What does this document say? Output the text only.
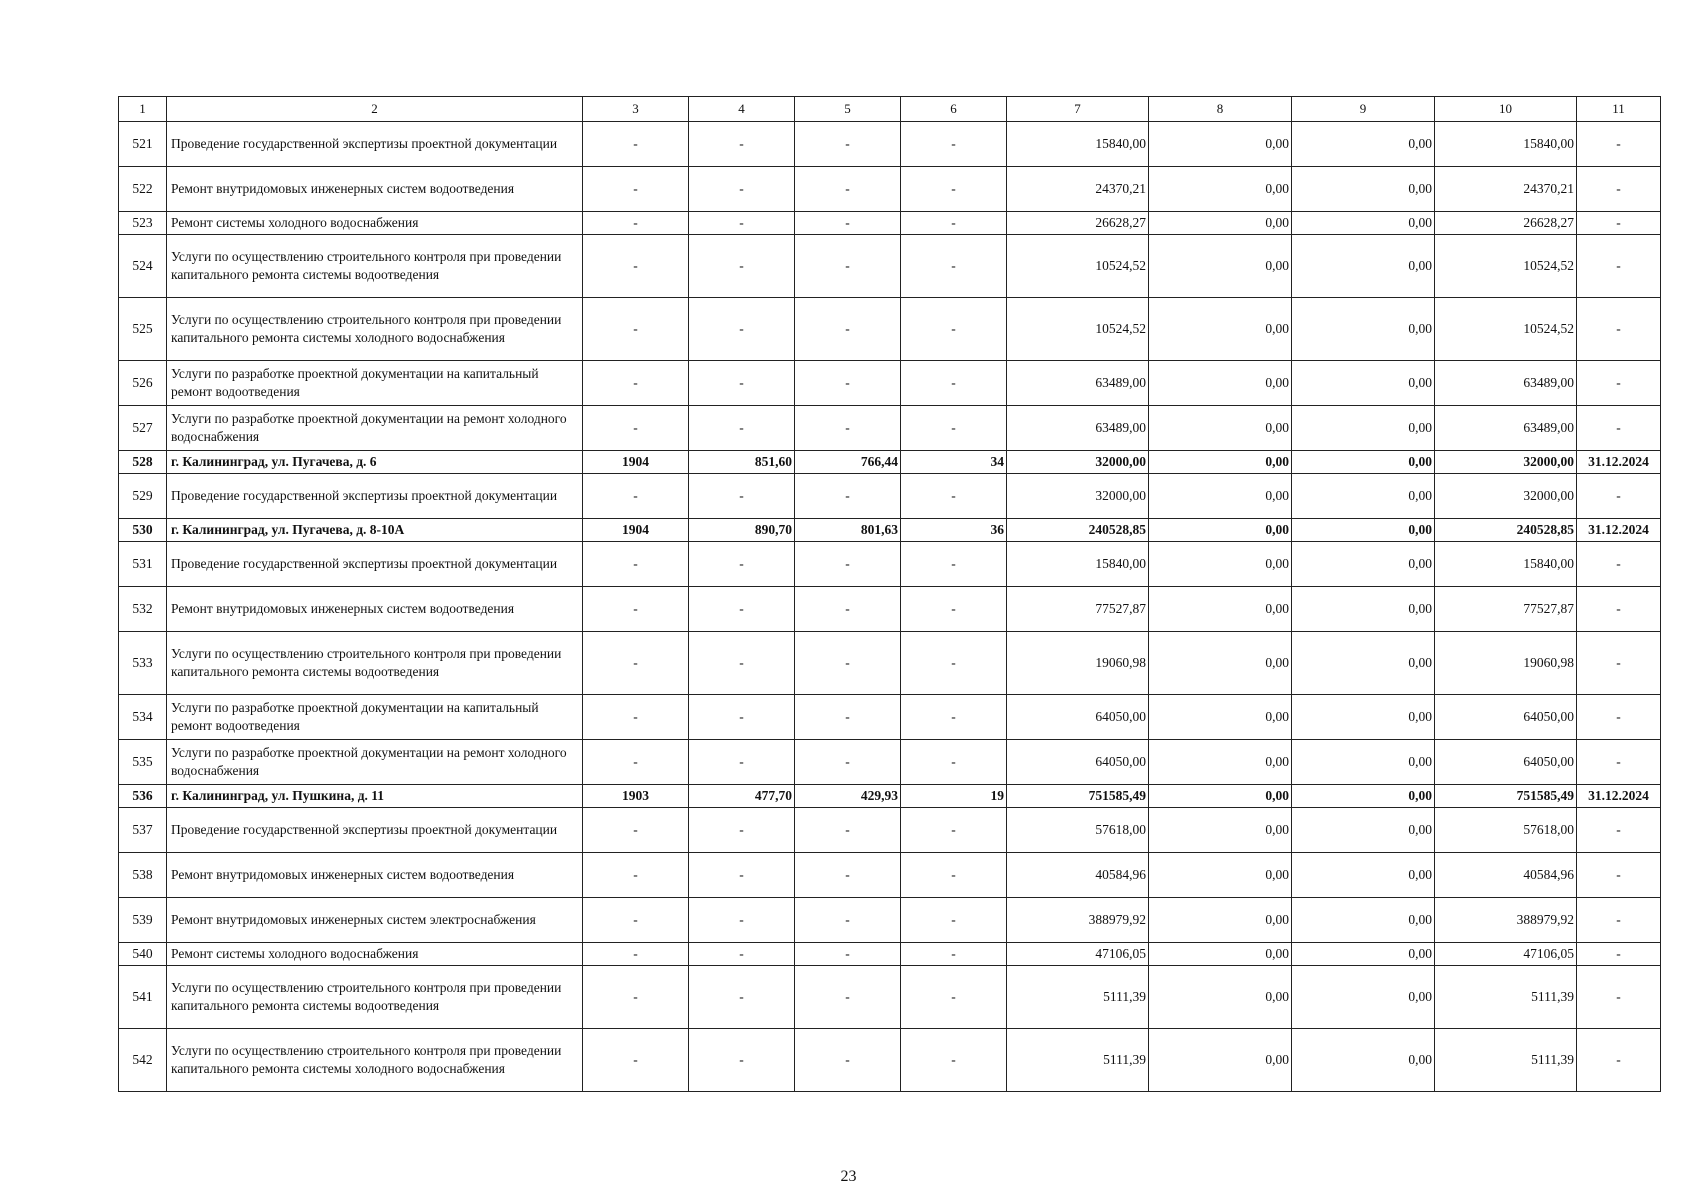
1	2	3	4	5	6	7	8	9	10	11
521	Проведение государственной экспертизы проектной документации	-	-	-	-	15840,00	0,00	0,00	15840,00	-
522	Ремонт внутридомовых инженерных систем водоотведения	-	-	-	-	24370,21	0,00	0,00	24370,21	-
523	Ремонт системы холодного водоснабжения	-	-	-	-	26628,27	0,00	0,00	26628,27	-
524	Услуги по осуществлению строительного контроля при проведении капитального ремонта системы водоотведения	-	-	-	-	10524,52	0,00	0,00	10524,52	-
525	Услуги по осуществлению строительного контроля при проведении капитального ремонта системы холодного водоснабжения	-	-	-	-	10524,52	0,00	0,00	10524,52	-
526	Услуги по разработке проектной документации на капитальный ремонт водоотведения	-	-	-	-	63489,00	0,00	0,00	63489,00	-
527	Услуги по разработке проектной документации на ремонт холодного водоснабжения	-	-	-	-	63489,00	0,00	0,00	63489,00	-
528	г. Калининград, ул. Пугачева, д. 6	1904	851,60	766,44	34	32000,00	0,00	0,00	32000,00	31.12.2024
529	Проведение государственной экспертизы проектной документации	-	-	-	-	32000,00	0,00	0,00	32000,00	-
530	г. Калининград, ул. Пугачева, д. 8-10А	1904	890,70	801,63	36	240528,85	0,00	0,00	240528,85	31.12.2024
531	Проведение государственной экспертизы проектной документации	-	-	-	-	15840,00	0,00	0,00	15840,00	-
532	Ремонт внутридомовых инженерных систем водоотведения	-	-	-	-	77527,87	0,00	0,00	77527,87	-
533	Услуги по осуществлению строительного контроля при проведении капитального ремонта системы водоотведения	-	-	-	-	19060,98	0,00	0,00	19060,98	-
534	Услуги по разработке проектной документации на капитальный ремонт водоотведения	-	-	-	-	64050,00	0,00	0,00	64050,00	-
535	Услуги по разработке проектной документации на ремонт холодного водоснабжения	-	-	-	-	64050,00	0,00	0,00	64050,00	-
536	г. Калининград, ул. Пушкина, д. 11	1903	477,70	429,93	19	751585,49	0,00	0,00	751585,49	31.12.2024
537	Проведение государственной экспертизы проектной документации	-	-	-	-	57618,00	0,00	0,00	57618,00	-
538	Ремонт внутридомовых инженерных систем водоотведения	-	-	-	-	40584,96	0,00	0,00	40584,96	-
539	Ремонт внутридомовых инженерных систем электроснабжения	-	-	-	-	388979,92	0,00	0,00	388979,92	-
540	Ремонт системы холодного водоснабжения	-	-	-	-	47106,05	0,00	0,00	47106,05	-
541	Услуги по осуществлению строительного контроля при проведении капитального ремонта системы водоотведения	-	-	-	-	5111,39	0,00	0,00	5111,39	-
542	Услуги по осуществлению строительного контроля при проведении капитального ремонта системы холодного водоснабжения	-	-	-	-	5111,39	0,00	0,00	5111,39	-
23
